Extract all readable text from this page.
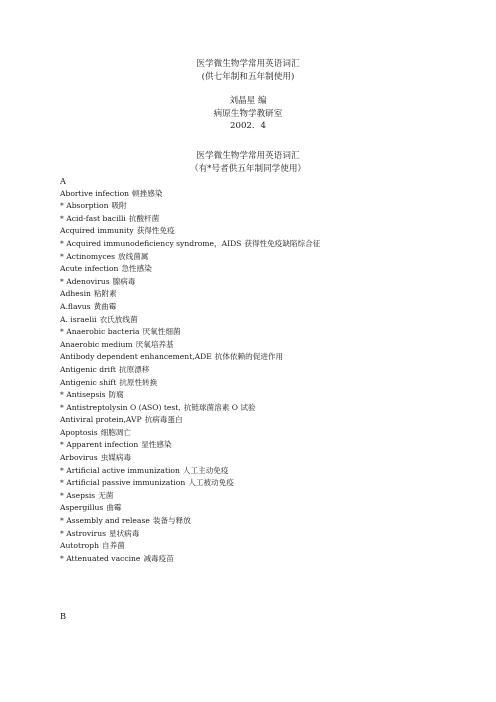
医学微生物学常用英语词汇
(供七年制和五年制使用)
刘晶星 编
病原生物学教研室
2002．4
医学微生物学常用英语词汇
（有*号者供五年制同学使用）
A
Abortive infection 顿挫感染
* Absorption 吸附
* Acid-fast bacilli 抗酸杆菌
Acquired immunity 获得性免疫
* Acquired immunodeficiency syndrome，AIDS 获得性免疫缺陷综合征
* Actinomyces 放线菌属
Acute infection 急性感染
* Adenovirus 腺病毒
Adhesin 粘附素
A.flavus 黄曲霉
A. israelii 衣氏放线菌
* Anaerobic bacteria 厌氧性细菌
Anaerobic medium 厌氧培养基
Antibody dependent enhancement,ADE 抗体依赖的促进作用
Antigenic drift 抗原漂移
Antigenic shift 抗原性转换
* Antisepsis 防腐
* Antistreptolysin O (ASO) test, 抗链球菌溶素 O 试验
Antiviral protein,AVP 抗病毒蛋白
Apoptosis 细胞凋亡
* Apparent infection 显性感染
Arbovirus 虫媒病毒
* Artificial active immunization 人工主动免疫
* Artificial passive immunization 人工被动免疫
* Asepsis 无菌
Aspergillus 曲霉
* Assembly and release 装备与释放
* Astrovirus 星状病毒
Autotroph 自养菌
* Attenuated vaccine 减毒疫苗
B
